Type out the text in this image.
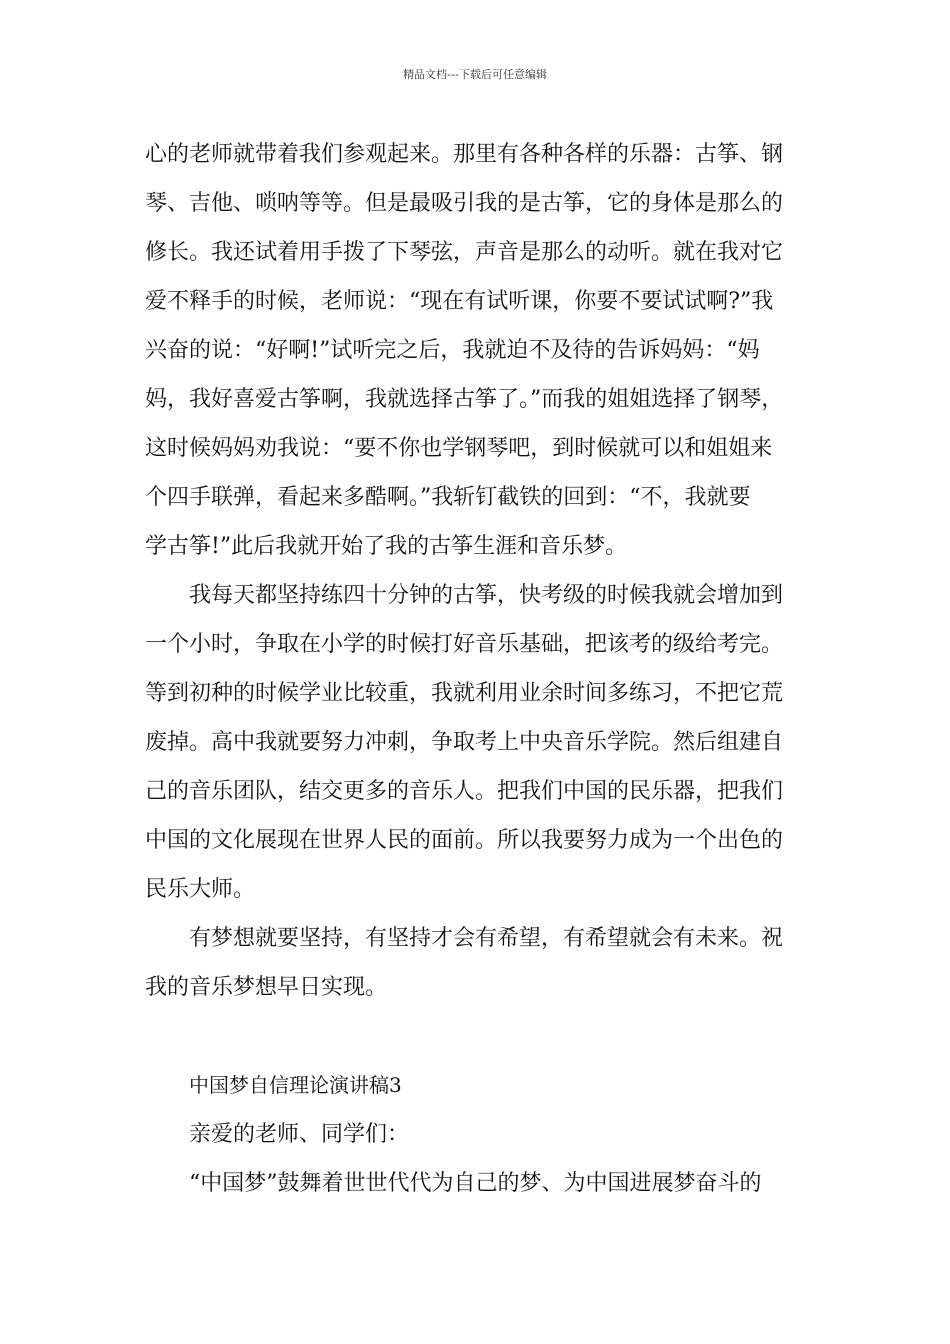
精品文档---下载后可任意编辑
心的老师就带着我们参观起来。那里有各种各样的乐器：古筝、钢
琴、吉他、唢呐等等。但是最吸引我的是古筝，它的身体是那么的
修长。我还试着用手拨了下琴弦，声音是那么的动听。就在我对它
爱不释手的时候，老师说：“现在有试听课，你要不要试试啊?”我
兴奋的说：“好啊!”试听完之后，我就迫不及待的告诉妈妈：“妈
妈，我好喜爱古筝啊，我就选择古筝了。”而我的姐姐选择了钢琴，
这时候妈妈劝我说：“要不你也学钢琴吧，到时候就可以和姐姐来
个四手联弹，看起来多酷啊。”我斩钉截铁的回到：“不，我就要
学古筝!”此后我就开始了我的古筝生涯和音乐梦。
我每天都坚持练四十分钟的古筝，快考级的时候我就会增加到
一个小时，争取在小学的时候打好音乐基础，把该考的级给考完。
等到初种的时候学业比较重，我就利用业余时间多练习，不把它荒
废掉。高中我就要努力冲刺，争取考上中央音乐学院。然后组建自
己的音乐团队，结交更多的音乐人。把我们中国的民乐器，把我们
中国的文化展现在世界人民的面前。所以我要努力成为一个出色的
民乐大师。
有梦想就要坚持，有坚持才会有希望，有希望就会有未来。祝
我的音乐梦想早日实现。
中国梦自信理论演讲稿3
亲爱的老师、同学们：
“中国梦”鼓舞着世世代代为自己的梦、为中国进展梦奋斗的
